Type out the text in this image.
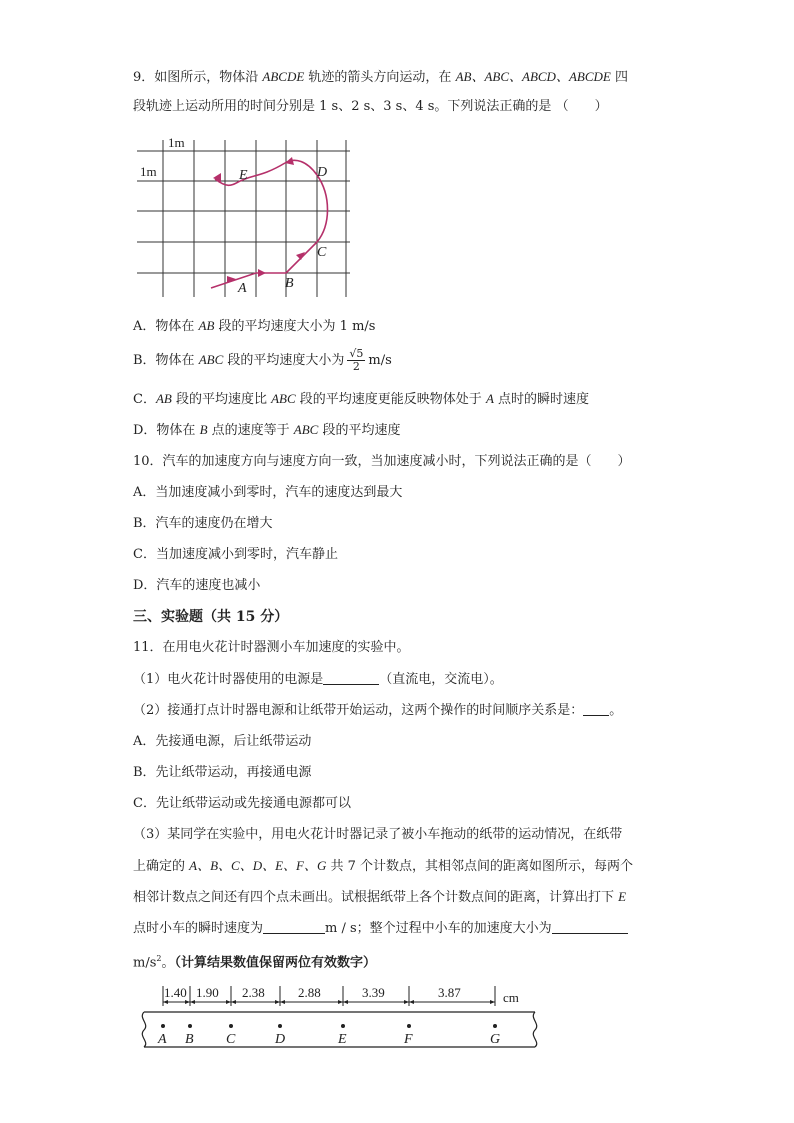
9．如图所示，物体沿 ABCDE 轨迹的箭头方向运动，在 AB、ABC、ABCD、ABCDE 四
段轨迹上运动所用的时间分别是 1 s、2 s、3 s、4 s。下列说法正确的是 （　　）
1m
1m
A	B
C
D
E
A．物体在 AB 段的平均速度大小为 1 m/s
B．物体在 ABC 段的平均速度大小为 $\frac{√5}{2} m/s$
C．AB 段的平均速度比 ABC 段的平均速度更能反映物体处于 A 点时的瞬时速度
D．物体在 B 点的速度等于 ABC 段的平均速度
10．汽车的加速度方向与速度方向一致，当加速度减小时，下列说法正确的是（　　）
A．当加速度减小到零时，汽车的速度达到最大
B．汽车的速度仍在增大
C．当加速度减小到零时，汽车静止
D．汽车的速度也减小
三、实验题（共 15 分）
11．在用电火花计时器测小车加速度的实验中。
（1）电火花计时器使用的电源是	（直流电，交流电）。
（2）接通打点计时器电源和让纸带开始运动，这两个操作的时间顺序关系是： 。
A．先接通电源，后让纸带运动
B．先让纸带运动，再接通电源
C．先让纸带运动或先接通电源都可以
（3）某同学在实验中，用电火花计时器记录了被小车拖动的纸带的运动情况，在纸带
上确定的 A、B、C、D、E、F、G 共 7 个计数点，其相邻点间的距离如图所示，每两个
相邻计数点之间还有四个点未画出。试根据纸带上各个计数点间的距离，计算出打下 E
点时小车的瞬时速度为	m / s；整个过程中小车的加速度大小为
$m/s^2$。（计算结果数值保留两位有效数字）
1.40 1.90 2.38	2.88	3.39	3.87	cm
A B C	D	E	F	G
